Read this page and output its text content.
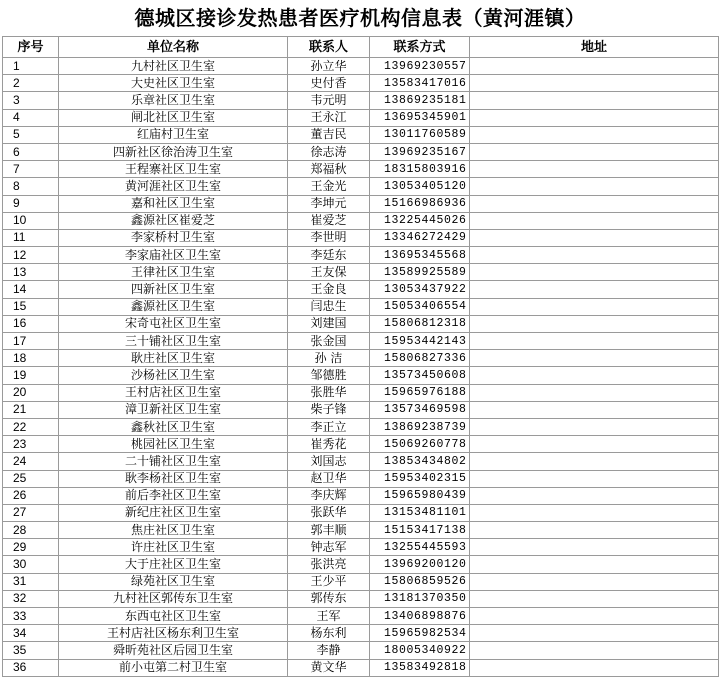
德城区接诊发热患者医疗机构信息表（黄河涯镇）
序号	单位名称	联系人	联系方式	地址
1	九村社区卫生室	孙立华	13969230557	
2	大史社区卫生室	史付香	13583417016	
3	乐章社区卫生室	韦元明	13869235181	
4	闸北社区卫生室	王永江	13695345901	
5	红庙村卫生室	董吉民	13011760589	
6	四新社区徐治涛卫生室	徐志涛	13969235167	
7	王程寨社区卫生室	郑福秋	18315803916	
8	黄河涯社区卫生室	王金光	13053405120	
9	嘉和社区卫生室	李坤元	15166986936	
10	鑫源社区崔爱芝	崔爱芝	13225445026	
11	李家桥村卫生室	李世明	13346272429	
12	李家庙社区卫生室	李廷东	13695345568	
13	王律社区卫生室	王友保	13589925589	
14	四新社区卫生室	王金良	13053437922	
15	鑫源社区卫生室	闫忠生	15053406554	
16	宋奇屯社区卫生室	刘建国	15806812318	
17	三十铺社区卫生室	张金国	15953442143	
18	耿庄社区卫生室	孙 洁	15806827336	
19	沙杨社区卫生室	邹德胜	13573450608	
20	王村店社区卫生室	张胜华	15965976188	
21	漳卫新社区卫生室	柴子锋	13573469598	
22	鑫秋社区卫生室	李正立	13869238739	
23	桃园社区卫生室	崔秀花	15069260778	
24	二十铺社区卫生室	刘国志	13853434802	
25	耿李杨社区卫生室	赵卫华	15953402315	
26	前后李社区卫生室	李庆辉	15965980439	
27	新纪庄社区卫生室	张跃华	13153481101	
28	焦庄社区卫生室	郭丰顺	15153417138	
29	许庄社区卫生室	钟志军	13255445593	
30	大于庄社区卫生室	张洪亮	13969200120	
31	绿苑社区卫生室	王少平	15806859526	
32	九村社区郭传东卫生室	郭传东	13181370350	
33	东西屯社区卫生室	王军	13406898876	
34	王村店社区杨东利卫生室	杨东利	15965982534	
35	舜昕苑社区后园卫生室	李静	18005340922	
36	前小屯第二村卫生室	黄文华	13583492818	
